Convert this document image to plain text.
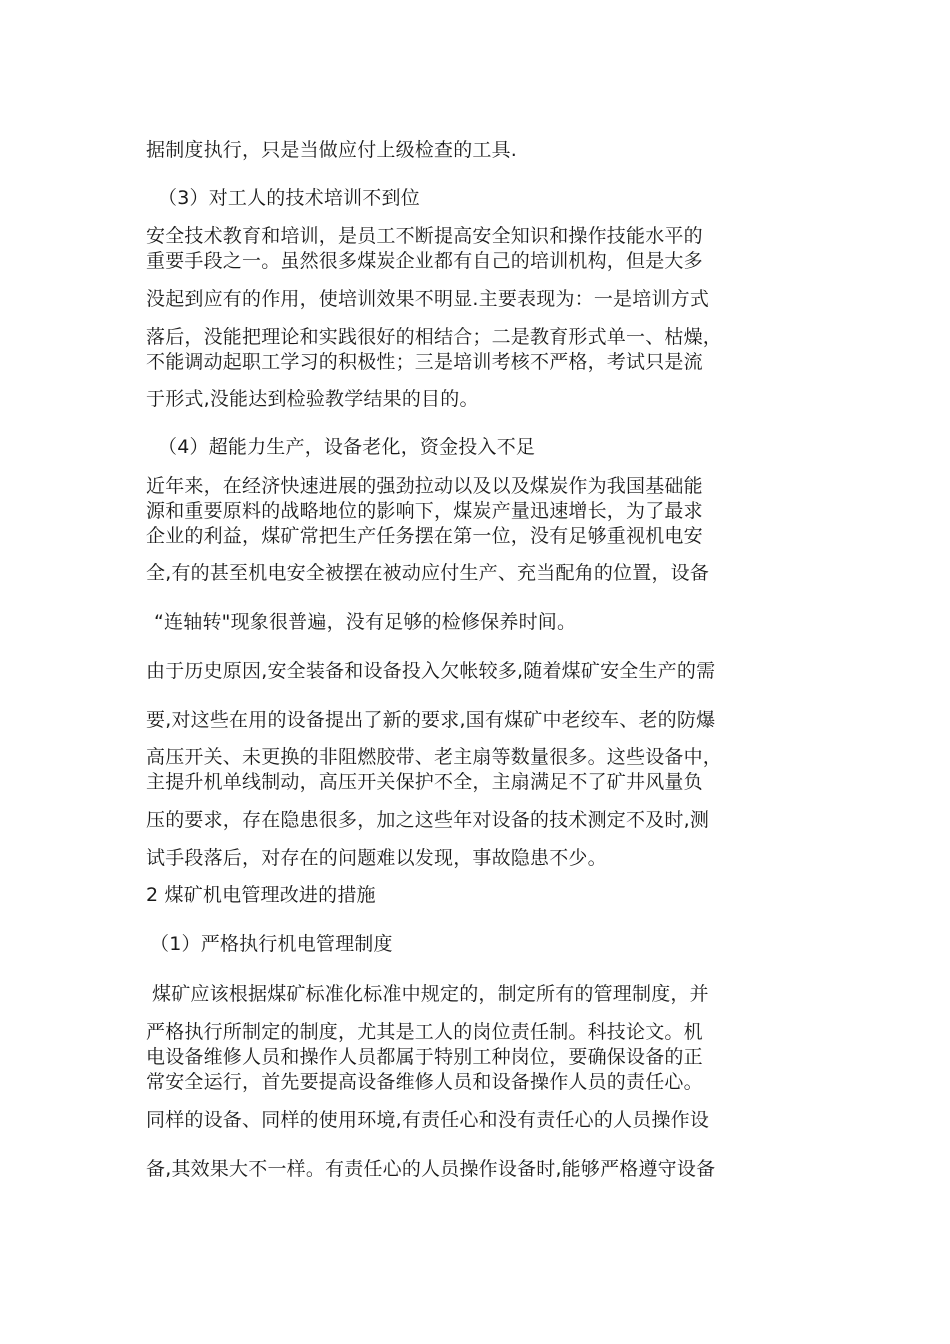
据制度执行，只是当做应付上级检查的工具.
（3）对工人的技术培训不到位
安全技术教育和培训，是员工不断提高安全知识和操作技能水平的
重要手段之一。虽然很多煤炭企业都有自己的培训机构，但是大多
没起到应有的作用，使培训效果不明显.主要表现为：一是培训方式
落后，没能把理论和实践很好的相结合；二是教育形式单一、枯燥，
不能调动起职工学习的积极性；三是培训考核不严格，考试只是流
于形式,没能达到检验教学结果的目的。
（4）超能力生产，设备老化，资金投入不足
近年来，在经济快速进展的强劲拉动以及以及煤炭作为我国基础能
源和重要原料的战略地位的影响下，煤炭产量迅速增长，为了最求
企业的利益，煤矿常把生产任务摆在第一位，没有足够重视机电安
全,有的甚至机电安全被摆在被动应付生产、充当配角的位置，设备
“连轴转"现象很普遍，没有足够的检修保养时间。
由于历史原因,安全装备和设备投入欠帐较多,随着煤矿安全生产的需
要,对这些在用的设备提出了新的要求,国有煤矿中老绞车、老的防爆
高压开关、未更换的非阻燃胶带、老主扇等数量很多。这些设备中，
主提升机单线制动，高压开关保护不全，主扇满足不了矿井风量负
压的要求，存在隐患很多，加之这些年对设备的技术测定不及时,测
试手段落后，对存在的问题难以发现，事故隐患不少。
2 煤矿机电管理改进的措施
（1）严格执行机电管理制度
煤矿应该根据煤矿标准化标准中规定的，制定所有的管理制度，并
严格执行所制定的制度，尤其是工人的岗位责任制。科技论文。机
电设备维修人员和操作人员都属于特别工种岗位，要确保设备的正
常安全运行，首先要提高设备维修人员和设备操作人员的责任心。
同样的设备、同样的使用环境,有责任心和没有责任心的人员操作设
备,其效果大不一样。有责任心的人员操作设备时,能够严格遵守设备
